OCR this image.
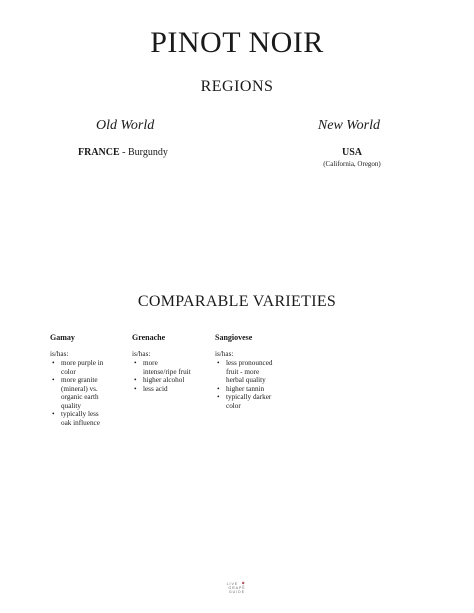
PINOT NOIR
REGIONS
Old World	New World
FRANCE - Burgundy	USA
(California, Oregon)
COMPARABLE VARIETIES
Gamay
is/has:
• more purple in color
• more granite (mineral) vs. organic earth quality
• typically less oak influence
Grenache
is/has:
• more intense/ripe fruit
• higher alcohol
• less acid
Sangiovese
is/has:
• less pronounced fruit - more herbal quality
• higher tannin
• typically darker color
LIVE 🍷
GRAPE
GUIDE
